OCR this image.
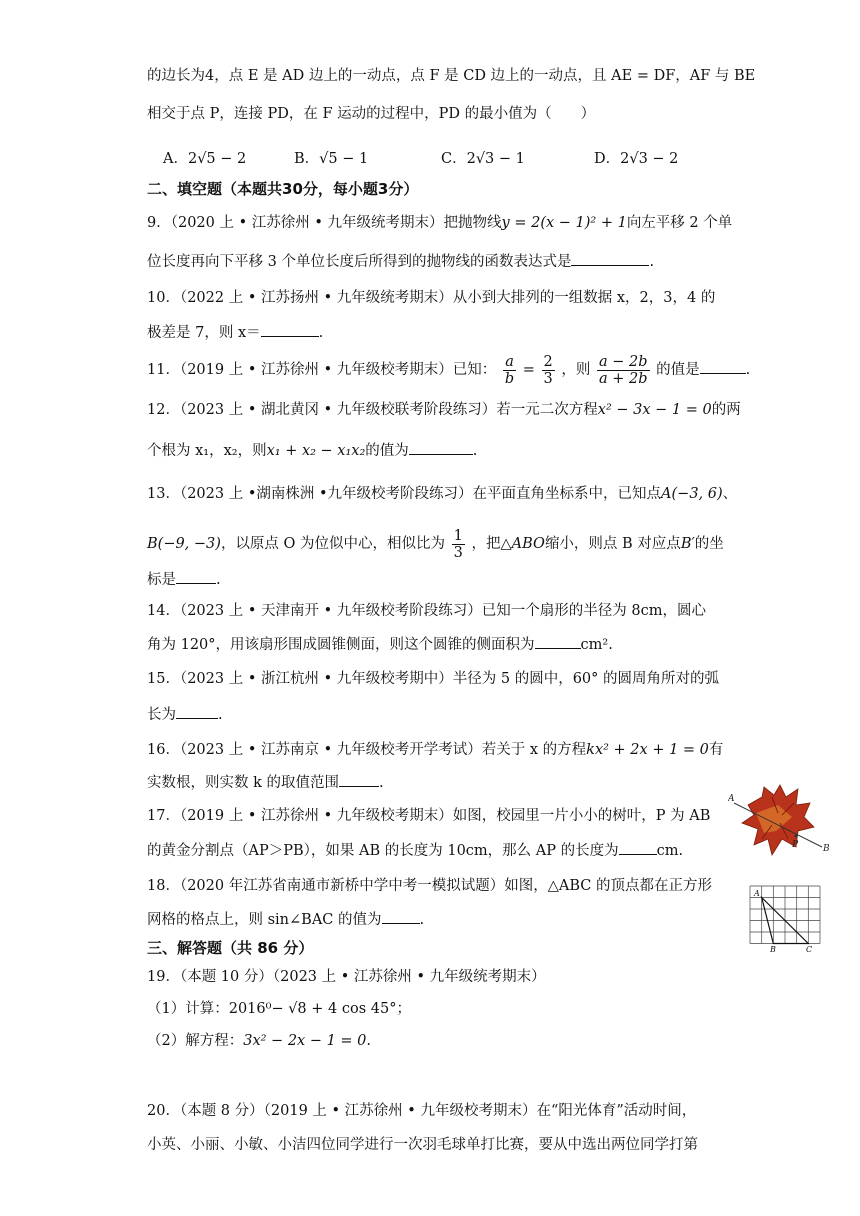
的边长为4，点 E 是 AD 边上的一动点，点 F 是 CD 边上的一动点，且 AE = DF，AF 与 BE
相交于点 P，连接 PD，在 F 运动的过程中，PD 的最小值为（　　）
A．2√5 − 2	B．√5 − 1	C．2√3 − 1	D．2√3 − 2
二、填空题（本题共30分，每小题3分）
9．（2020 上 • 江苏徐州 • 九年级统考期末）把抛物线y = 2(x − 1)² + 1向左平移 2 个单
位长度再向下平移 3 个单位长度后所得到的抛物线的函数表达式是	.
10．（2022 上 • 江苏扬州 • 九年级统考期末）从小到大排列的一组数据 x，2，3，4 的
极差是 7，则 x＝	.
11．（2019 上 • 江苏徐州 • 九年级校考期末）已知： $\frac{a}{b} = \frac{2}{3}$ ，则 $\frac{a - 2b}{a + 2b}$ 的值是	.
12．（2023 上 • 湖北黄冈 • 九年级校联考阶段练习）若一元二次方程x² − 3x − 1 = 0的两
个根为 x₁，x₂，则x₁ + x₂ − x₁x₂的值为	.
13．（2023 上 •湖南株洲 •九年级校考阶段练习）在平面直角坐标系中，已知点A(−3, 6)、
B(−9, −3)，以原点 O 为位似中心，相似比为 $\frac{1}{3}$ ，把△ABO缩小，则点 B 对应点B′的坐
标是	.
14．（2023 上 • 天津南开 • 九年级校考阶段练习）已知一个扇形的半径为 8cm，圆心
角为 120°，用该扇形围成圆锥侧面，则这个圆锥的侧面积为	cm².
15．（2023 上 • 浙江杭州 • 九年级校考期中）半径为 5 的圆中，60° 的圆周角所对的弧
长为	.
16．（2023 上 • 江苏南京 • 九年级校考开学考试）若关于 x 的方程kx² + 2x + 1 = 0有
实数根，则实数 k 的取值范围	.
17．（2019 上 • 江苏徐州 • 九年级校考期末）如图，校园里一片小小的树叶，P 为 AB
的黄金分割点（AP＞PB），如果 AB 的长度为 10cm，那么 AP 的长度为	cm.
A
P	B
18．（2020 年江苏省南通市新桥中学中考一模拟试题）如图，△ABC 的顶点都在正方形
网格的格点上，则 sin∠BAC 的值为	.
A
B	C
三、解答题（共 86 分）
19．（本题 10 分）（2023 上 • 江苏徐州 • 九年级统考期末）
（1）计算：2016⁰− √8 + 4 cos 45°；
（2）解方程：3x² − 2x − 1 = 0.
20．（本题 8 分）（2019 上 • 江苏徐州 • 九年级校考期末）在“阳光体育”活动时间，
小英、小丽、小敏、小洁四位同学进行一次羽毛球单打比赛，要从中选出两位同学打第
